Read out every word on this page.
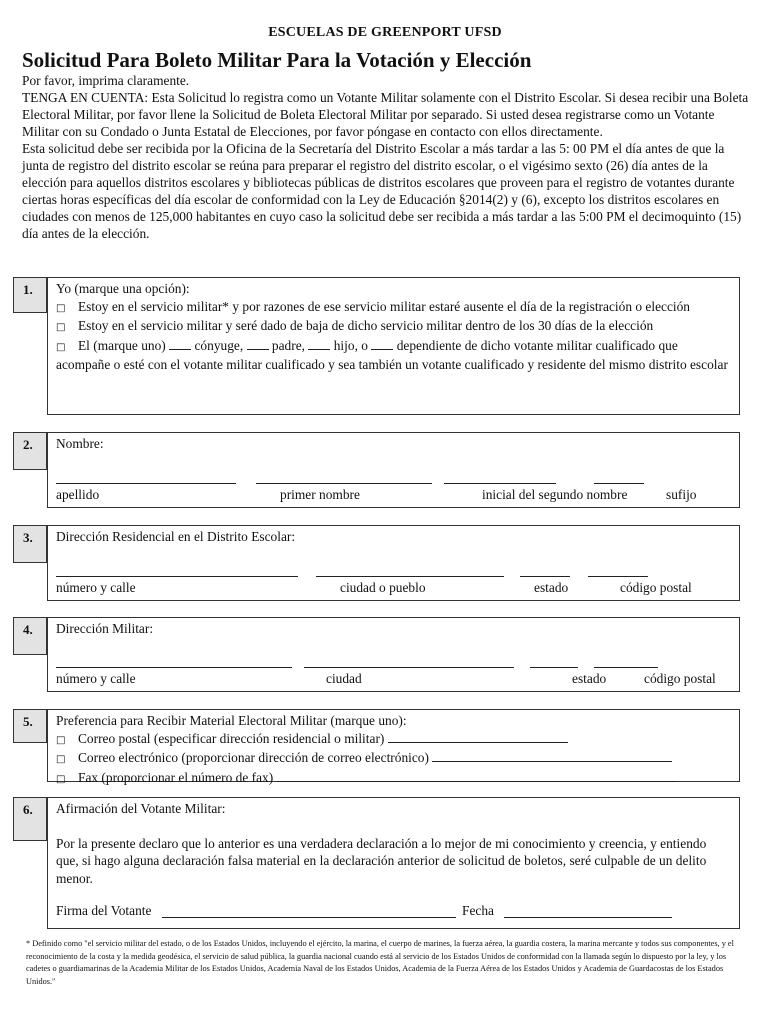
ESCUELAS DE GREENPORT UFSD
Solicitud Para Boleto Militar Para la Votación y Elección

Por favor, imprima claramente.

TENGA EN CUENTA: Esta Solicitud lo registra como un Votante Militar solamente con el Distrito Escolar. Si desea recibir una Boleta Electoral Militar, por favor llene la Solicitud de Boleta Electoral Militar por separado. Si usted desea registrarse como un Votante Militar con su Condado o Junta Estatal de Elecciones, por favor póngase en contacto con ellos directamente.

Esta solicitud debe ser recibida por la Oficina de la Secretaría del Distrito Escolar a más tardar a las 5: 00 PM el día antes de que la junta de registro del distrito escolar se reúna para preparar el registro del distrito escolar, o el vigésimo sexto (26) día antes de la elección para aquellos distritos escolares y bibliotecas públicas de distritos escolares que proveen para el registro de votantes durante ciertas horas específicas del día escolar de conformidad con la Ley de Educación §2014(2) y (6), excepto los distritos escolares en ciudades con menos de 125,000 habitantes en cuyo caso la solicitud debe ser recibida a más tardar a las 5:00 PM el decimoquinto (15) día antes de la elección.

1. Yo (marque una opción):

□ Estoy en el servicio militar* y por razones de ese servicio militar estaré ausente el día de la registración o elección

□ Estoy en el servicio militar y seré dado de baja de dicho servicio militar dentro de los 30 días de la elección

□ El (marque uno) cónyuge, padre, hijo, o dependiente de dicho votante militar cualificado que acompañe o esté con el votante militar cualificado y sea también un votante cualificado y residente del mismo distrito escolar

2. Nombre:

apellido	primer nombre	inicial del segundo nombre	sufijo
3. Dirección Residencial en el Distrito Escolar:

número y calle	ciudad o pueblo	estado	código postal
4. Dirección Militar:

número y calle	ciudad	estado	código postal
5. Preferencia para Recibir Material Electoral Militar (marque uno):

□ Correo postal (especificar dirección residencial o militar)

□ Correo electrónico (proporcionar dirección de correo electrónico)

□ Fax (proporcionar el número de fax)

6. Afirmación del Votante Militar:

Por la presente declaro que lo anterior es una verdadera declaración a lo mejor de mi conocimiento y creencia, y entiendo que, si hago alguna declaración falsa material en la declaración anterior de solicitud de boletos, seré culpable de un delito menor.

Firma del Votante	Fecha
* Definido como "el servicio militar del estado, o de los Estados Unidos, incluyendo el ejército, la marina, el cuerpo de marines, la fuerza aérea, la guardia costera, la marina mercante y todos sus componentes, y el reconocimiento de la costa y la medida geodésica, el servicio de salud pública, la guardia nacional cuando está al servicio de los Estados Unidos de conformidad con la llamada según lo dispuesto por la ley, y los cadetes o guardiamarinas de la Academia Militar de los Estados Unidos, Academia Naval de los Estados Unidos, Academia de la Fuerza Aérea de los Estados Unidos y Academia de Guardacostas de los Estados Unidos."
